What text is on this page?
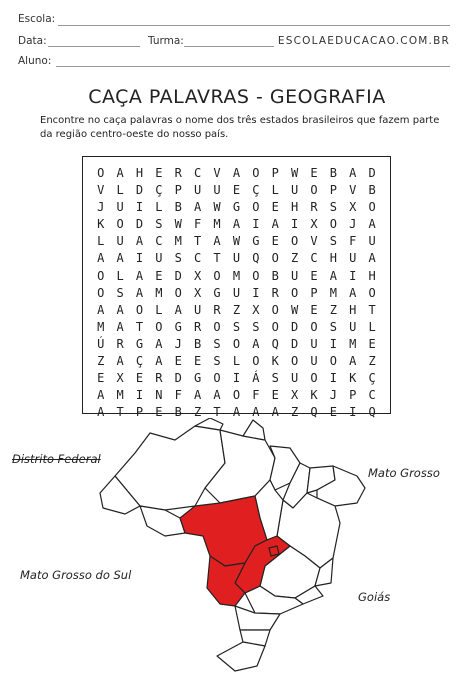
Escola:
Data:	Turma:	ESCOLAEDUCACAO.COM.BR
Aluno:
CAÇA PALAVRAS - GEOGRAFIA
Encontre no caça palavras o nome dos três estados brasileiros que fazem parte da região centro-oeste do nosso país.
O	A	H	E	R	C	V	A	O	P	W	E	B	A	D
V	L	D	Ç	P	U	U	E	Ç	L	U	O	P	V	B
J	U	I	L	B	A	W	G	O	E	H	R	S	X	O
K	O	D	S	W	F	M	A	I	A	I	X	O	J	A
L	U	A	C	M	T	A	W	G	E	O	V	S	F	U
A	A	I	U	S	C	T	U	Q	O	Z	C	H	U	A
O	L	A	E	D	X	O	M	O	B	U	E	A	I	H
O	S	A	M	O	X	G	U	I	R	O	P	M	A	O
A	A	O	L	A	U	R	Z	X	O	W	E	Z	H	T
M	A	T	O	G	R	O	S	S	O	D	O	S	U	L
Ú	R	G	A	J	B	S	O	A	Q	D	U	I	M	E
Z	A	Ç	A	E	E	S	L	O	K	O	U	O	A	Z
E	X	E	R	D	G	O	I	Á	S	U	O	I	K	Ç
A	M	I	N	F	A	A	O	F	E	X	K	J	P	C
A	T	P	E	B	Z	T	A	A	A	Z	Q	E	I	Q
Distrito Federal
Mato Grosso
Mato Grosso do Sul
Goiás
